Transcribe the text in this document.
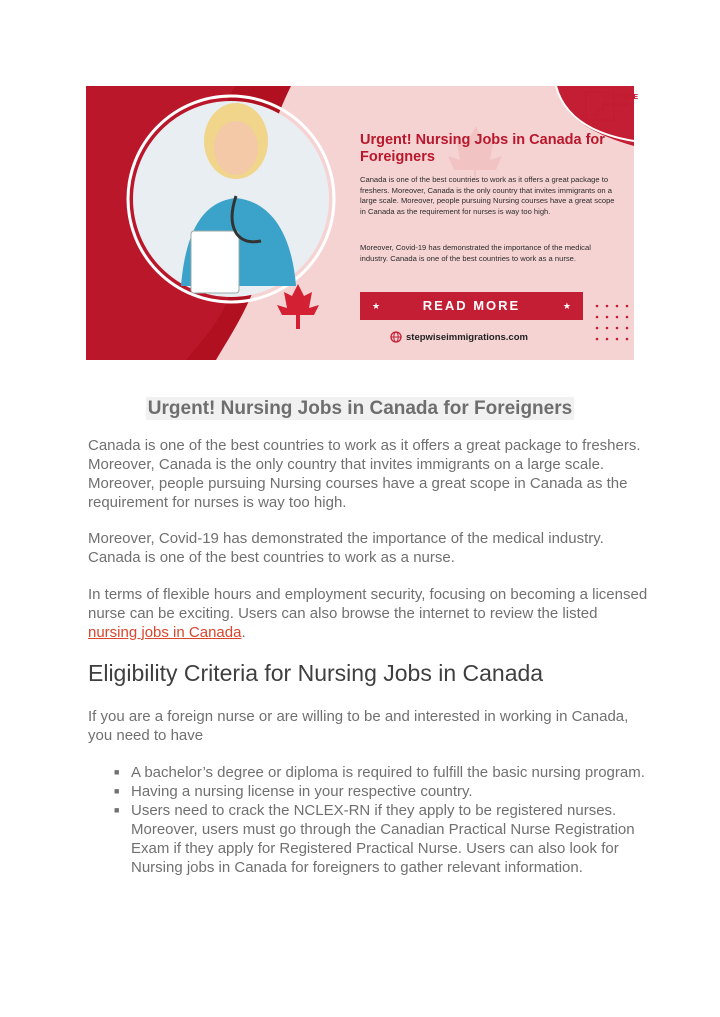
STEPWISE
Urgent! Nursing Jobs in Canada for Foreigners
Canada is one of the best countries to work as it offers a great package to freshers. Moreover, Canada is the only country that invites immigrants on a large scale. Moreover, people pursuing Nursing courses have a great scope in Canada as the requirement for nurses is way too high.
Moreover, Covid-19 has demonstrated the importance of the medical industry. Canada is one of the best countries to work as a nurse.
★	READ MORE	★
stepwiseimmigrations.com
Urgent! Nursing Jobs in Canada for Foreigners
Canada is one of the best countries to work as it offers a great package to freshers. Moreover, Canada is the only country that invites immigrants on a large scale. Moreover, people pursuing Nursing courses have a great scope in Canada as the requirement for nurses is way too high.
Moreover, Covid-19 has demonstrated the importance of the medical industry. Canada is one of the best countries to work as a nurse.
In terms of flexible hours and employment security, focusing on becoming a licensed nurse can be exciting. Users can also browse the internet to review the listed nursing jobs in Canada.
Eligibility Criteria for Nursing Jobs in Canada
If you are a foreign nurse or are willing to be and interested in working in Canada, you need to have
■ A bachelor’s degree or diploma is required to fulfill the basic nursing program.
■ Having a nursing license in your respective country.
■ Users need to crack the NCLEX-RN if they apply to be registered nurses. Moreover, users must go through the Canadian Practical Nurse Registration Exam if they apply for Registered Practical Nurse. Users can also look for Nursing jobs in Canada for foreigners to gather relevant information.
